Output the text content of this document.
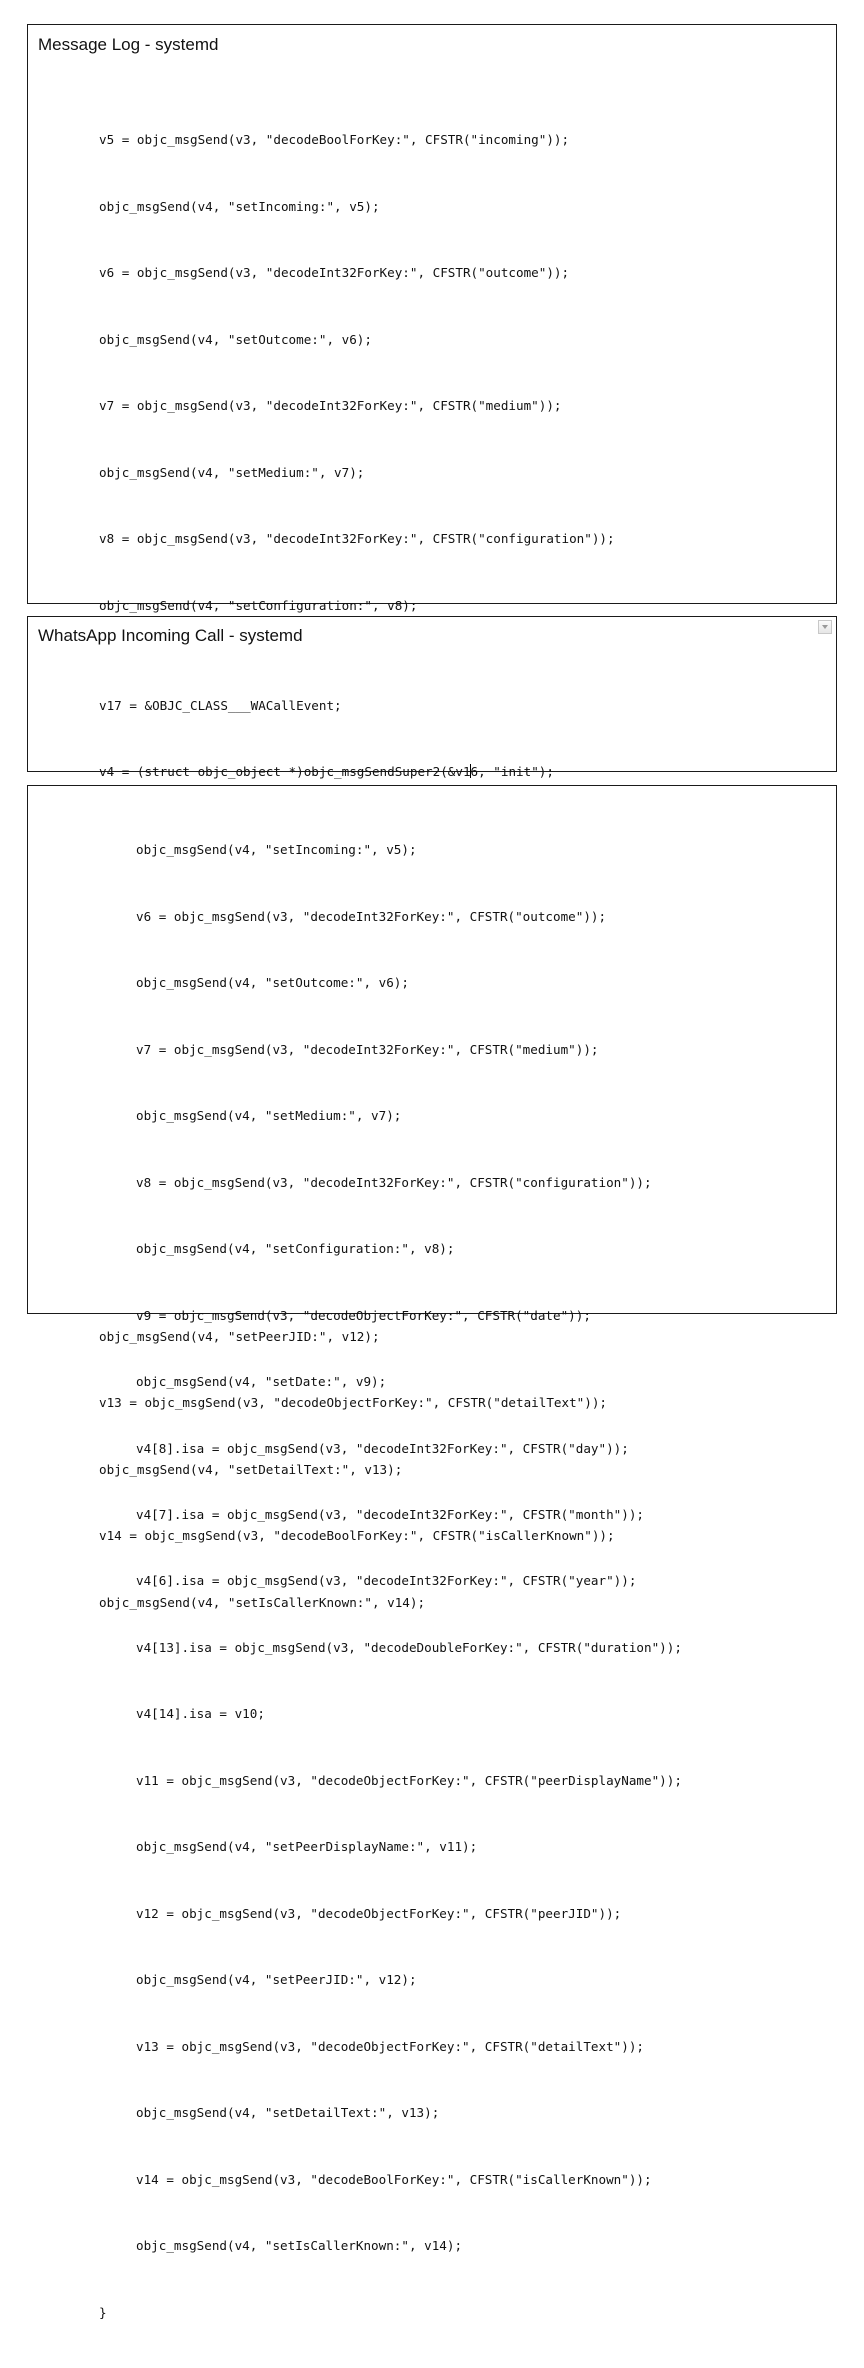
Message Log - systemd

v5 = objc_msgSend(v3, "decodeBoolForKey:", CFSTR("incoming"));

objc_msgSend(v4, "setIncoming:", v5);

v6 = objc_msgSend(v3, "decodeInt32ForKey:", CFSTR("outcome"));

objc_msgSend(v4, "setOutcome:", v6);

v7 = objc_msgSend(v3, "decodeInt32ForKey:", CFSTR("medium"));

objc_msgSend(v4, "setMedium:", v7);

v8 = objc_msgSend(v3, "decodeInt32ForKey:", CFSTR("configuration"));

objc_msgSend(v4, "setConfiguration:", v8);

objc_msgSend(v4, "setPeerJID:", v12);

v13 = objc_msgSend(v3, "decodeObjectForKey:", CFSTR("detailText"));

objc_msgSend(v4, "setDetailText:", v13);

v14 = objc_msgSend(v3, "decodeBoolForKey:", CFSTR("isCallerKnown"));

objc_msgSend(v4, "setIsCallerKnown:", v14);

WhatsApp Incoming Call - systemd

v17 = &OBJC_CLASS___WACallEvent;

v4 = (struct objc_object *)objc_msgSendSuper2(&v16, "init");

objc_msgSend(v4, "setIncoming:", v5);

v6 = objc_msgSend(v3, "decodeInt32ForKey:", CFSTR("outcome"));

objc_msgSend(v4, "setOutcome:", v6);

v7 = objc_msgSend(v3, "decodeInt32ForKey:", CFSTR("medium"));

objc_msgSend(v4, "setMedium:", v7);

v8 = objc_msgSend(v3, "decodeInt32ForKey:", CFSTR("configuration"));

objc_msgSend(v4, "setConfiguration:", v8);

v9 = objc_msgSend(v3, "decodeObjectForKey:", CFSTR("date"));

objc_msgSend(v4, "setDate:", v9);

v4[8].isa = objc_msgSend(v3, "decodeInt32ForKey:", CFSTR("day"));

v4[7].isa = objc_msgSend(v3, "decodeInt32ForKey:", CFSTR("month"));

v4[6].isa = objc_msgSend(v3, "decodeInt32ForKey:", CFSTR("year"));

v4[13].isa = objc_msgSend(v3, "decodeDoubleForKey:", CFSTR("duration"));

v4[14].isa = v10;

v11 = objc_msgSend(v3, "decodeObjectForKey:", CFSTR("peerDisplayName"));

objc_msgSend(v4, "setPeerDisplayName:", v11);

v12 = objc_msgSend(v3, "decodeObjectForKey:", CFSTR("peerJID"));

objc_msgSend(v4, "setPeerJID:", v12);

v13 = objc_msgSend(v3, "decodeObjectForKey:", CFSTR("detailText"));

objc_msgSend(v4, "setDetailText:", v13);

v14 = objc_msgSend(v3, "decodeBoolForKey:", CFSTR("isCallerKnown"));

objc_msgSend(v4, "setIsCallerKnown:", v14);

}
